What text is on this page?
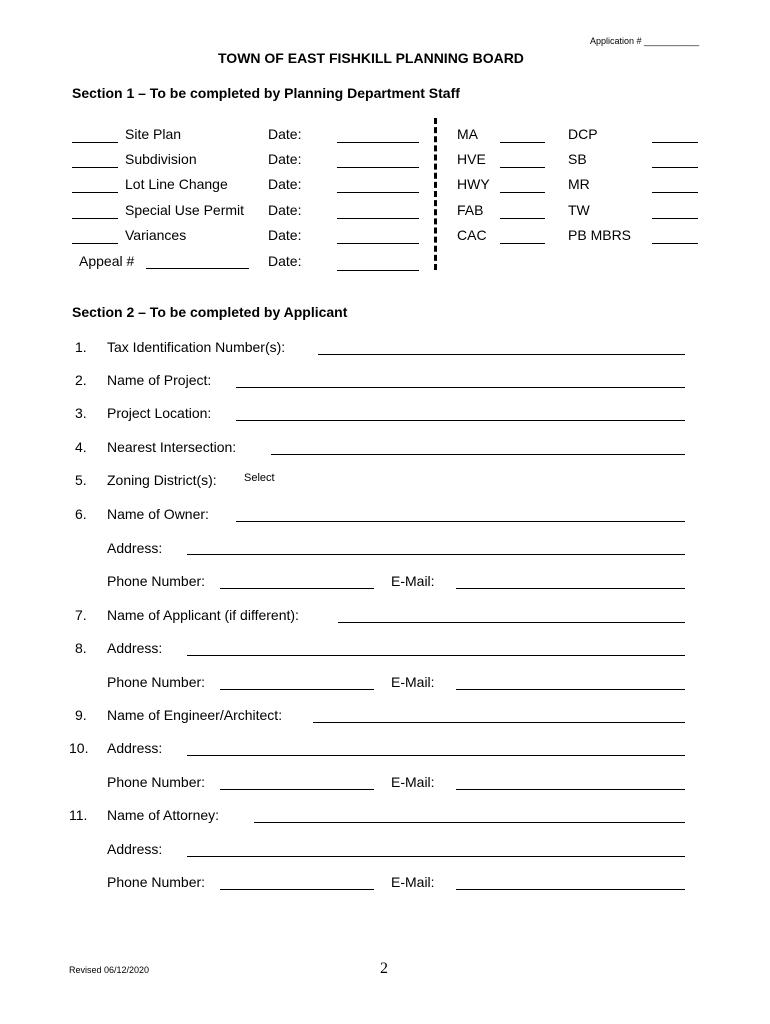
Application # ___________
TOWN OF EAST FISHKILL PLANNING BOARD
Section 1 – To be completed by Planning Department Staff
Site Plan	Date:	MA	DCP
Subdivision	Date:	HVE	SB
Lot Line Change	Date:	HWY	MR
Special Use Permit Date:	FAB	TW
Variances	Date:	CAC	PB MBRS
Appeal #	Date:
Section 2 – To be completed by Applicant
1. Tax Identification Number(s):
2. Name of Project:
3. Project Location:
4. Nearest Intersection:
5. Zoning District(s): Select
6. Name of Owner:
Address:
Phone Number:	E-Mail:
7. Name of Applicant (if different):
8. Address:
Phone Number:	E-Mail:
9. Name of Engineer/Architect:
10. Address:
Phone Number:	E-Mail:
11. Name of Attorney:
Address:
Phone Number:	E-Mail:
Revised 06/12/2020	2
